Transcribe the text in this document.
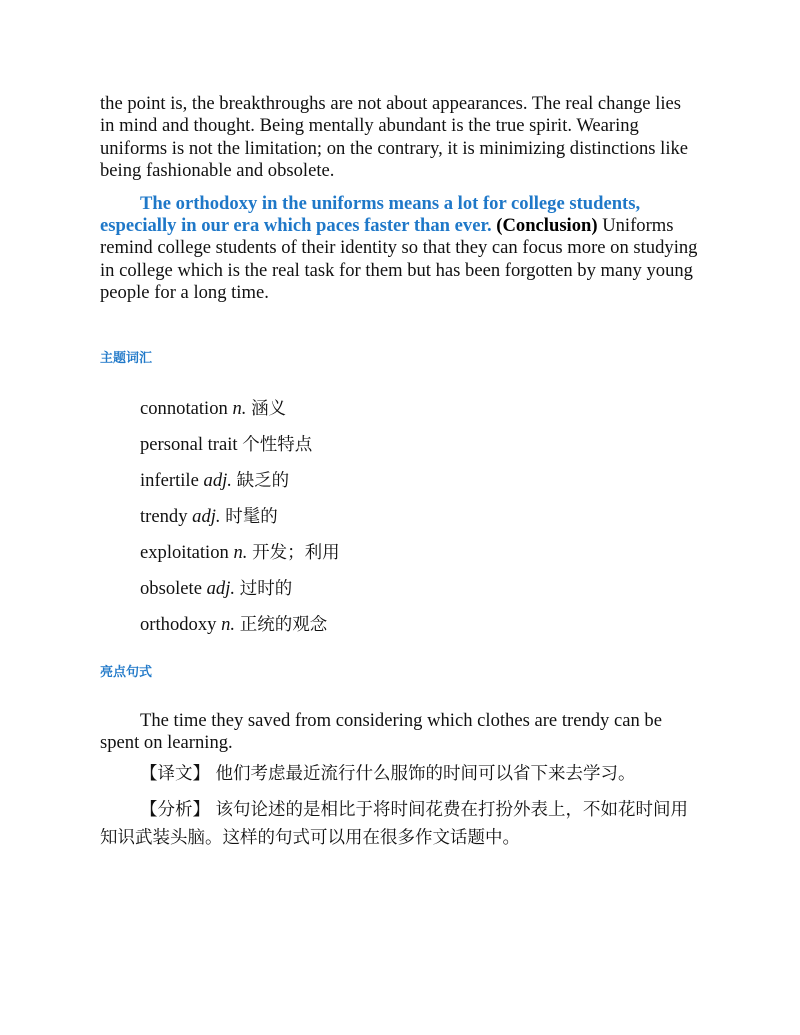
the point is, the breakthroughs are not about appearances. The real change lies in mind and thought. Being mentally abundant is the true spirit. Wearing uniforms is not the limitation; on the contrary, it is minimizing distinctions like being fashionable and obsolete.

The orthodoxy in the uniforms means a lot for college students, especially in our era which paces faster than ever. (Conclusion) Uniforms remind college students of their identity so that they can focus more on studying in college which is the real task for them but has been forgotten by many young people for a long time.

主题词汇

connotation n. 涵义
personal trait 个性特点
infertile adj. 缺乏的
trendy adj. 时髦的
exploitation n. 开发；利用
obsolete adj. 过时的
orthodoxy n. 正统的观念

亮点句式

The time they saved from considering which clothes are trendy can be spent on learning.

【译文】 他们考虑最近流行什么服饰的时间可以省下来去学习。

【分析】 该句论述的是相比于将时间花费在打扮外表上，不如花时间用知识武装头脑。这样的句式可以用在很多作文话题中。
